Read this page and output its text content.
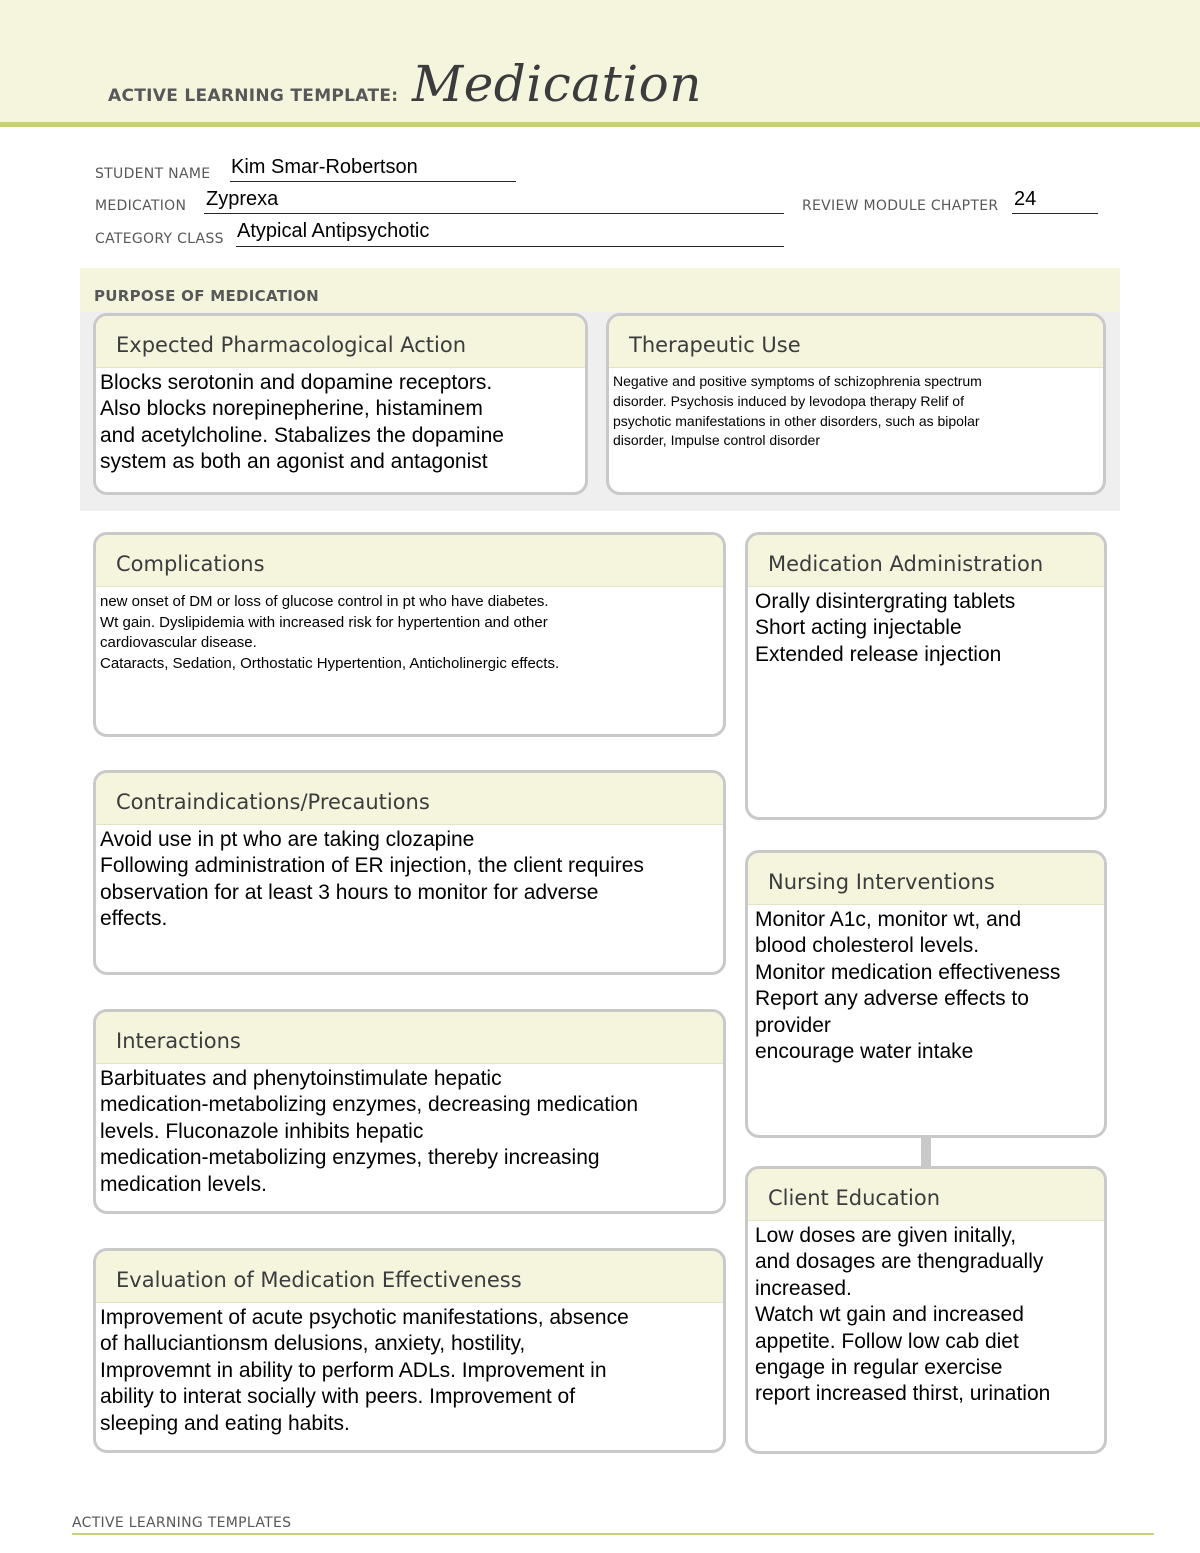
ACTIVE LEARNING TEMPLATE: Medication
STUDENT NAME Kim Smar-Robertson
MEDICATION Zyprexa	REVIEW MODULE CHAPTER 24
CATEGORY CLASS Atypical Antipsychotic
PURPOSE OF MEDICATION
Expected Pharmacological Action
Blocks serotonin and dopamine receptors.
Also blocks norepinepherine, histaminem
and acetylcholine. Stabalizes the dopamine
system as both an agonist and antagonist
Therapeutic Use
Negative and positive symptoms of schizophrenia spectrum
disorder. Psychosis induced by levodopa therapy Relif of
psychotic manifestations in other disorders, such as bipolar
disorder, Impulse control disorder
Complications
new onset of DM or loss of glucose control in pt who have diabetes.
Wt gain. Dyslipidemia with increased risk for hypertention and other
cardiovascular disease.
Cataracts, Sedation, Orthostatic Hypertention, Anticholinergic effects.
Contraindications/Precautions
Avoid use in pt who are taking clozapine
Following administration of ER injection, the client requires
observation for at least 3 hours to monitor for adverse
effects.
Interactions
Barbituates and phenytoinstimulate hepatic
medication-metabolizing enzymes, decreasing medication
levels. Fluconazole inhibits hepatic
medication-metabolizing enzymes, thereby increasing
medication levels.
Evaluation of Medication Effectiveness
Improvement of acute psychotic manifestations, absence
of halluciantionsm delusions, anxiety, hostility,
Improvemnt in ability to perform ADLs. Improvement in
ability to interat socially with peers. Improvement of
sleeping and eating habits.
Medication Administration
Orally disintergrating tablets
Short acting injectable
Extended release injection
Nursing Interventions
Monitor A1c, monitor wt, and
blood cholesterol levels.
Monitor medication effectiveness
Report any adverse effects to
provider
encourage water intake
Client Education
Low doses are given initally,
and dosages are thengradually
increased.
Watch wt gain and increased
appetite. Follow low cab diet
engage in regular exercise
report increased thirst, urination
ACTIVE LEARNING TEMPLATES
